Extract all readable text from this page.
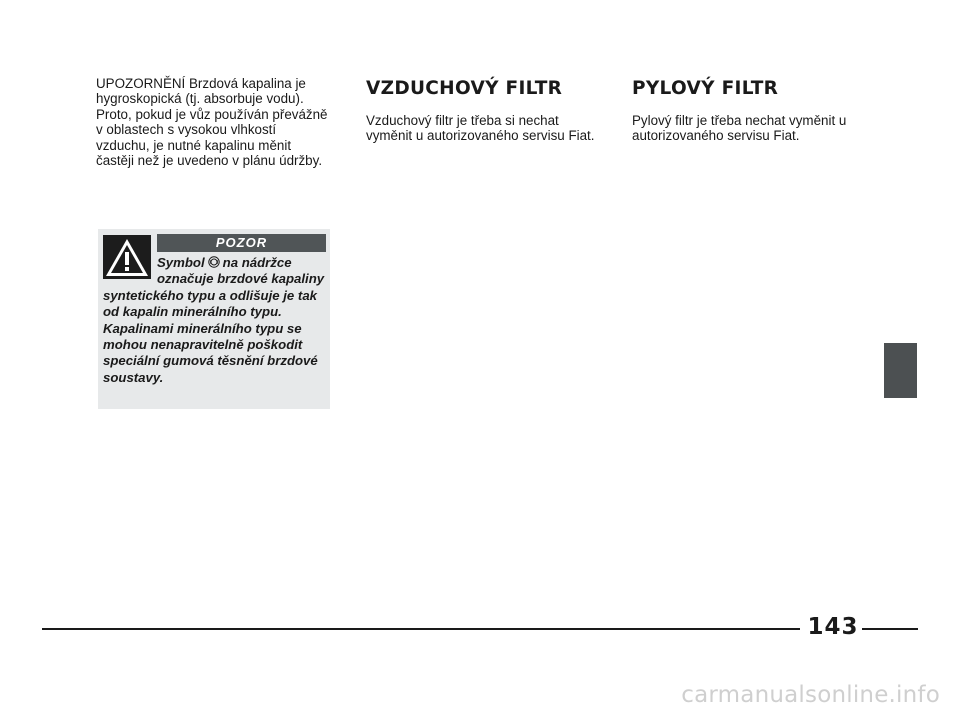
UPOZORNĚNÍ Brzdová kapalina je hygroskopická (tj. absorbuje vodu). Proto, pokud je vůz používán převážně v oblastech s vysokou vlhkostí vzduchu, je nutné kapalinu měnit častěji než je uvedeno v plánu údržby.

POZOR

Symbol na nádržce označuje brzdové kapaliny syntetického typu a odlišuje je tak od kapalin minerálního typu. Kapalinami minerálního typu se mohou nenapravitelně poškodit speciální gumová těsnění brzdové soustavy.

VZDUCHOVÝ FILTR

Vzduchový filtr je třeba si nechat vyměnit u autorizovaného servisu Fiat.

PYLOVÝ FILTR

Pylový filtr je třeba nechat vyměnit u autorizovaného servisu Fiat.

143
carmanualsonline.info
